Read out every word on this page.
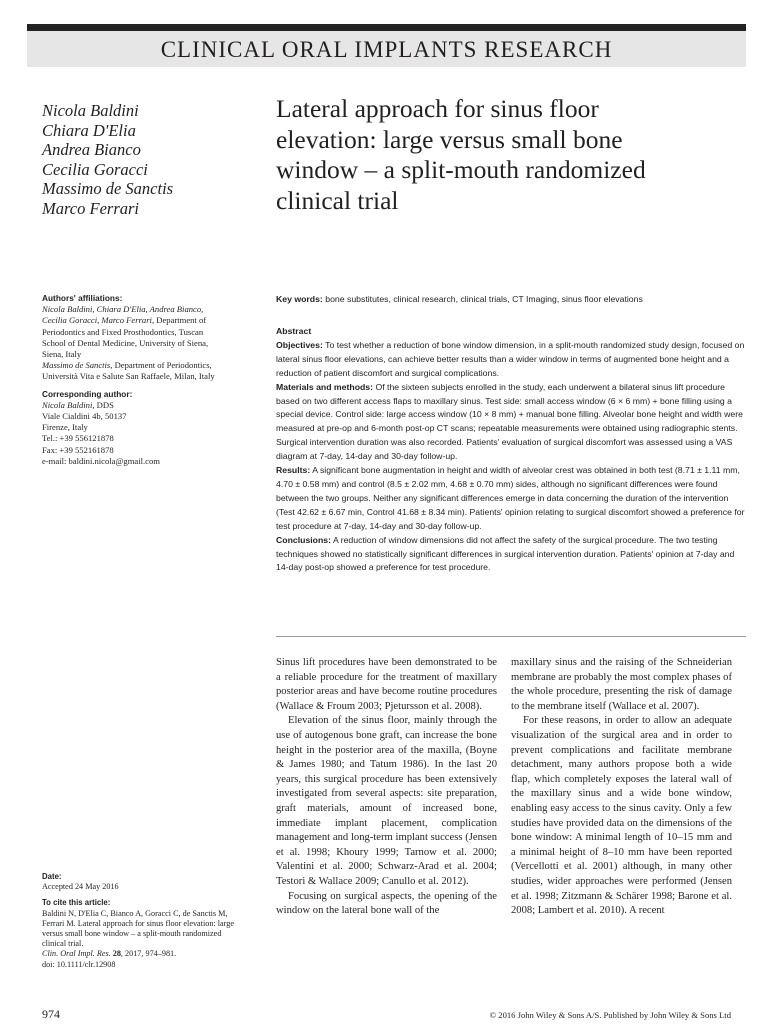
CLINICAL ORAL IMPLANTS RESEARCH
Nicola Baldini
Chiara D'Elia
Andrea Bianco
Cecilia Goracci
Massimo de Sanctis
Marco Ferrari
Lateral approach for sinus floor
elevation: large versus small bone
window – a split-mouth randomized
clinical trial

Authors' affiliations:

Nicola Baldini, Chiara D'Elia, Andrea Bianco,

Cecilia Goracci, Marco Ferrari, Department of

Periodontics and Fixed Prosthodontics, Tuscan

School of Dental Medicine, University of Siena,

Siena, Italy

Massimo de Sanctis, Department of Periodontics,

Università Vita e Salute San Raffaele, Milan, Italy

Corresponding author:

Nicola Baldini, DDS

Viale Cialdini 4b, 50137

Firenze, Italy

Tel.: +39 556121878

Fax: +39 552161878

e-mail: baldini.nicola@gmail.com

Key words: bone substitutes, clinical research, clinical trials, CT Imaging, sinus floor elevations

Abstract

Objectives: To test whether a reduction of bone window dimension, in a split-mouth randomized study design, focused on lateral sinus floor elevations, can achieve better results than a wider window in terms of augmented bone height and a reduction of patient discomfort and surgical complications.

Materials and methods: Of the sixteen subjects enrolled in the study, each underwent a bilateral sinus lift procedure based on two different access flaps to maxillary sinus. Test side: small access window (6 × 6 mm) + bone filling using a special device. Control side: large access window (10 × 8 mm) + manual bone filling. Alveolar bone height and width were measured at pre-op and 6-month post-op CT scans; repeatable measurements were obtained using radiographic stents. Surgical intervention duration was also recorded. Patients' evaluation of surgical discomfort was assessed using a VAS diagram at 7-day, 14-day and 30-day follow-up.

Results: A significant bone augmentation in height and width of alveolar crest was obtained in both test (8.71 ± 1.11 mm, 4.70 ± 0.58 mm) and control (8.5 ± 2.02 mm, 4.68 ± 0.70 mm) sides, although no significant differences were found between the two groups. Neither any significant differences emerge in data concerning the duration of the intervention (Test 42.62 ± 6.67 min, Control 41.68 ± 8.34 min). Patients' opinion relating to surgical discomfort showed a preference for test procedure at 7-day, 14-day and 30-day follow-up.

Conclusions: A reduction of window dimensions did not affect the safety of the surgical procedure. The two testing techniques showed no statistically significant differences in surgical intervention duration. Patients' opinion at 7-day and 14-day post-op showed a preference for test procedure.

Sinus lift procedures have been demonstrated to be a reliable procedure for the treatment of maxillary posterior areas and have become routine procedures (Wallace & Froum 2003; Pjetursson et al. 2008).

Elevation of the sinus floor, mainly through the use of autogenous bone graft, can increase the bone height in the posterior area of the maxilla, (Boyne & James 1980; and Tatum 1986). In the last 20 years, this surgical procedure has been extensively investigated from several aspects: site preparation, graft materials, amount of increased bone, immediate implant placement, complication management and long-term implant success (Jensen et al. 1998; Khoury 1999; Tarnow et al. 2000; Valentini et al. 2000; Schwarz-Arad et al. 2004; Testori & Wallace 2009; Canullo et al. 2012).

Focusing on surgical aspects, the opening of the window on the lateral bone wall of the

maxillary sinus and the raising of the Schneiderian membrane are probably the most complex phases of the whole procedure, presenting the risk of damage to the membrane itself (Wallace et al. 2007).

For these reasons, in order to allow an adequate visualization of the surgical area and in order to prevent complications and facilitate membrane detachment, many authors propose both a wide flap, which completely exposes the lateral wall of the maxillary sinus and a wide bone window, enabling easy access to the sinus cavity. Only a few studies have provided data on the dimensions of the bone window: A minimal length of 10–15 mm and a minimal height of 8–10 mm have been reported (Vercellotti et al. 2001) although, in many other studies, wider approaches were performed (Jensen et al. 1998; Zitzmann & Schärer 1998; Barone et al. 2008; Lambert et al. 2010). A recent

Date:

Accepted 24 May 2016

To cite this article:

Baldini N, D'Elia C, Bianco A, Goracci C, de Sanctis M,

Ferrari M. Lateral approach for sinus floor elevation: large

versus small bone window – a split-mouth randomized

clinical trial.

Clin. Oral Impl. Res. 28, 2017, 974–981.

doi: 10.1111/clr.12908

974	© 2016 John Wiley & Sons A/S. Published by John Wiley & Sons Ltd
